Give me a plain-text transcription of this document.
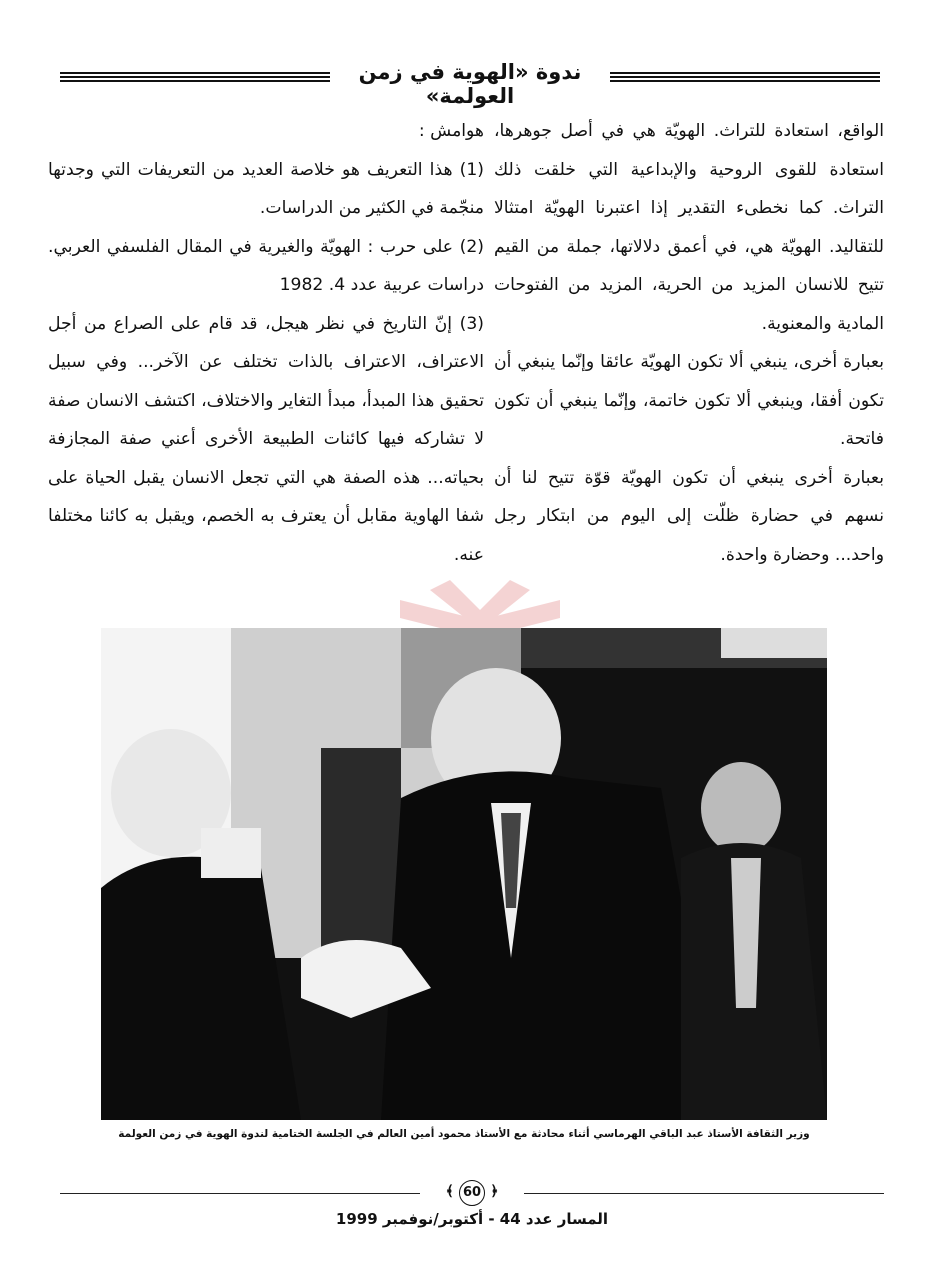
ندوة «الهوية في زمن العولمة»

الواقع، استعادة للتراث. الهويّة هي في أصل جوهرها، استعادة للقوى الروحية والإبداعية التي خلقت ذلك التراث. كما نخطىء التقدير إذا اعتبرنا الهويّة امتثالا للتقاليد. الهويّة هي، في أعمق دلالاتها، جملة من القيم تتيح للانسان المزيد من الحرية، المزيد من الفتوحات المادية والمعنوية.

بعبارة أخرى، ينبغي ألا تكون الهويّة عائقا وإنّما ينبغي أن تكون أفقا، وينبغي ألا تكون خاتمة، وإنّما ينبغي أن تكون فاتحة.

بعبارة أخرى ينبغي أن تكون الهويّة قوّة تتيح لنا أن نسهم في حضارة ظلّت إلى اليوم من ابتكار رجل واحد... وحضارة واحدة.

هوامش :

(1) هذا التعريف هو خلاصة العديد من التعريفات التي وجدتها منجّمة في الكثير من الدراسات.

(2) على حرب : الهويّة والغيرية في المقال الفلسفي العربي. دراسات عربية عدد 4. 1982

(3) إنّ التاريخ في نظر هيجل، قد قام على الصراع من أجل الاعتراف، الاعتراف بالذات تختلف عن الآخر... وفي سبيل تحقيق هذا المبدأ، مبدأ التغاير والاختلاف، اكتشف الانسان صفة لا تشاركه فيها كائنات الطبيعة الأخرى أعني صفة المجازفة بحياته... هذه الصفة هي التي تجعل الانسان يقبل الحياة على شفا الهاوية مقابل أن يعترف به الخصم، ويقبل به كائنا مختلفا عنه.

وزير الثقافة الأستاذ عبد الباقي الهرماسي أثناء محادثة مع الأستاذ محمود أمين العالم في الجلسة الختامية لندوة الهوية في زمن العولمة
﴾ 60 ﴿
المسار عدد 44 - أكتوبر/نوفمبر 1999
